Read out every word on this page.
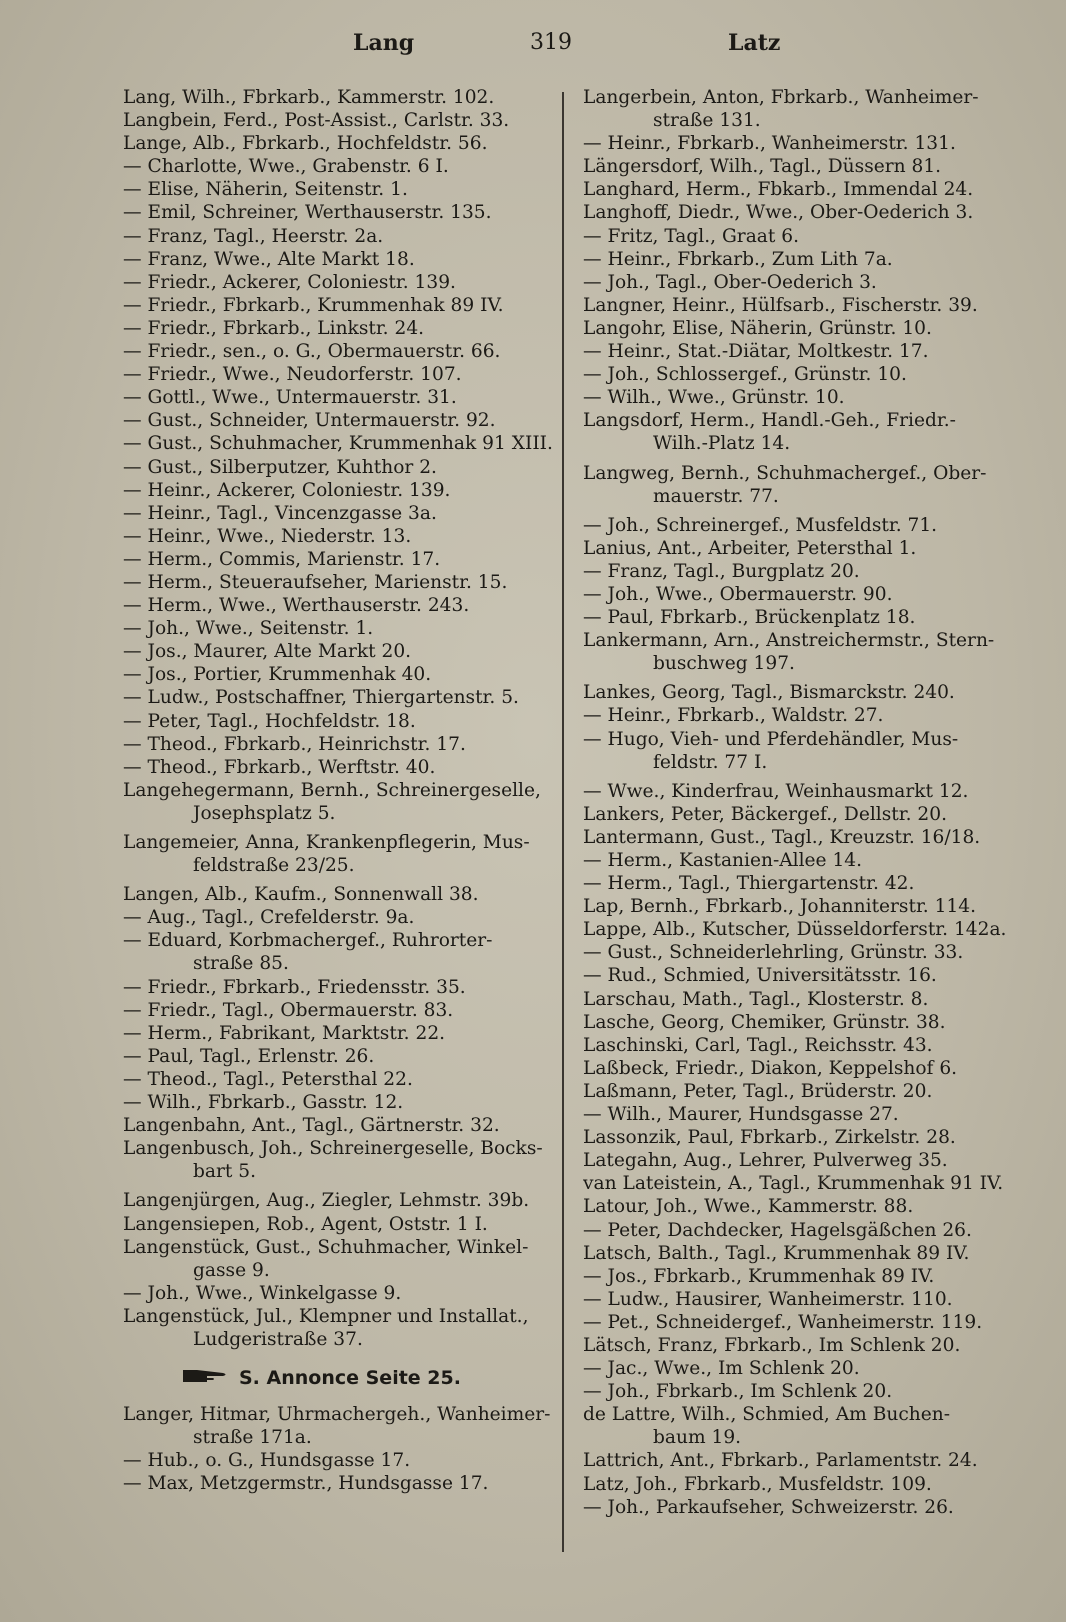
Lang	319	Latz
Lang, Wilh., Fbrkarb., Kammerstr. 102.
Langbein, Ferd., Post-Assist., Carlstr. 33.
Lange, Alb., Fbrkarb., Hochfeldstr. 56.
— Charlotte, Wwe., Grabenstr. 6 I.
— Elise, Näherin, Seitenstr. 1.
— Emil, Schreiner, Werthauserstr. 135.
— Franz, Tagl., Heerstr. 2a.
— Franz, Wwe., Alte Markt 18.
— Friedr., Ackerer, Coloniestr. 139.
— Friedr., Fbrkarb., Krummenhak 89 IV.
— Friedr., Fbrkarb., Linkstr. 24.
— Friedr., sen., o. G., Obermauerstr. 66.
— Friedr., Wwe., Neudorferstr. 107.
— Gottl., Wwe., Untermauerstr. 31.
— Gust., Schneider, Untermauerstr. 92.
— Gust., Schuhmacher, Krummenhak 91 XIII.
— Gust., Silberputzer, Kuhthor 2.
— Heinr., Ackerer, Coloniestr. 139.
— Heinr., Tagl., Vincenzgasse 3a.
— Heinr., Wwe., Niederstr. 13.
— Herm., Commis, Marienstr. 17.
— Herm., Steueraufseher, Marienstr. 15.
— Herm., Wwe., Werthauserstr. 243.
— Joh., Wwe., Seitenstr. 1.
— Jos., Maurer, Alte Markt 20.
— Jos., Portier, Krummenhak 40.
— Ludw., Postschaffner, Thiergartenstr. 5.
— Peter, Tagl., Hochfeldstr. 18.
— Theod., Fbrkarb., Heinrichstr. 17.
— Theod., Fbrkarb., Werftstr. 40.
Langehegermann, Bernh., Schreinergeselle,
Josephsplatz 5.
Langemeier, Anna, Krankenpflegerin, Mus-
feldstraße 23/25.
Langen, Alb., Kaufm., Sonnenwall 38.
— Aug., Tagl., Crefelderstr. 9a.
— Eduard, Korbmachergef., Ruhrorter-
straße 85.
— Friedr., Fbrkarb., Friedensstr. 35.
— Friedr., Tagl., Obermauerstr. 83.
— Herm., Fabrikant, Marktstr. 22.
— Paul, Tagl., Erlenstr. 26.
— Theod., Tagl., Petersthal 22.
— Wilh., Fbrkarb., Gasstr. 12.
Langenbahn, Ant., Tagl., Gärtnerstr. 32.
Langenbusch, Joh., Schreinergeselle, Bocks-
bart 5.
Langenjürgen, Aug., Ziegler, Lehmstr. 39b.
Langensiepen, Rob., Agent, Oststr. 1 I.
Langenstück, Gust., Schuhmacher, Winkel-
gasse 9.
— Joh., Wwe., Winkelgasse 9.
Langenstück, Jul., Klempner und Installat.,
Ludgeristraße 37.
S. Annonce Seite 25.
Langer, Hitmar, Uhrmachergeh., Wanheimer-
straße 171a.
— Hub., o. G., Hundsgasse 17.
— Max, Metzgermstr., Hundsgasse 17.
Langerbein, Anton, Fbrkarb., Wanheimer-
straße 131.
— Heinr., Fbrkarb., Wanheimerstr. 131.
Längersdorf, Wilh., Tagl., Düssern 81.
Langhard, Herm., Fbkarb., Immendal 24.
Langhoff, Diedr., Wwe., Ober-Oederich 3.
— Fritz, Tagl., Graat 6.
— Heinr., Fbrkarb., Zum Lith 7a.
— Joh., Tagl., Ober-Oederich 3.
Langner, Heinr., Hülfsarb., Fischerstr. 39.
Langohr, Elise, Näherin, Grünstr. 10.
— Heinr., Stat.-Diätar, Moltkestr. 17.
— Joh., Schlossergef., Grünstr. 10.
— Wilh., Wwe., Grünstr. 10.
Langsdorf, Herm., Handl.-Geh., Friedr.-
Wilh.-Platz 14.
Langweg, Bernh., Schuhmachergef., Ober-
mauerstr. 77.
— Joh., Schreinergef., Musfeldstr. 71.
Lanius, Ant., Arbeiter, Petersthal 1.
— Franz, Tagl., Burgplatz 20.
— Joh., Wwe., Obermauerstr. 90.
— Paul, Fbrkarb., Brückenplatz 18.
Lankermann, Arn., Anstreichermstr., Stern-
buschweg 197.
Lankes, Georg, Tagl., Bismarckstr. 240.
— Heinr., Fbrkarb., Waldstr. 27.
— Hugo, Vieh- und Pferdehändler, Mus-
feldstr. 77 I.
— Wwe., Kinderfrau, Weinhausmarkt 12.
Lankers, Peter, Bäckergef., Dellstr. 20.
Lantermann, Gust., Tagl., Kreuzstr. 16/18.
— Herm., Kastanien-Allee 14.
— Herm., Tagl., Thiergartenstr. 42.
Lap, Bernh., Fbrkarb., Johanniterstr. 114.
Lappe, Alb., Kutscher, Düsseldorferstr. 142a.
— Gust., Schneiderlehrling, Grünstr. 33.
— Rud., Schmied, Universitätsstr. 16.
Larschau, Math., Tagl., Klosterstr. 8.
Lasche, Georg, Chemiker, Grünstr. 38.
Laschinski, Carl, Tagl., Reichsstr. 43.
Laßbeck, Friedr., Diakon, Keppelshof 6.
Laßmann, Peter, Tagl., Brüderstr. 20.
— Wilh., Maurer, Hundsgasse 27.
Lassonzik, Paul, Fbrkarb., Zirkelstr. 28.
Lategahn, Aug., Lehrer, Pulverweg 35.
van Lateistein, A., Tagl., Krummenhak 91 IV.
Latour, Joh., Wwe., Kammerstr. 88.
— Peter, Dachdecker, Hagelsgäßchen 26.
Latsch, Balth., Tagl., Krummenhak 89 IV.
— Jos., Fbrkarb., Krummenhak 89 IV.
— Ludw., Hausirer, Wanheimerstr. 110.
— Pet., Schneidergef., Wanheimerstr. 119.
Lätsch, Franz, Fbrkarb., Im Schlenk 20.
— Jac., Wwe., Im Schlenk 20.
— Joh., Fbrkarb., Im Schlenk 20.
de Lattre, Wilh., Schmied, Am Buchen-
baum 19.
Lattrich, Ant., Fbrkarb., Parlamentstr. 24.
Latz, Joh., Fbrkarb., Musfeldstr. 109.
— Joh., Parkaufseher, Schweizerstr. 26.
